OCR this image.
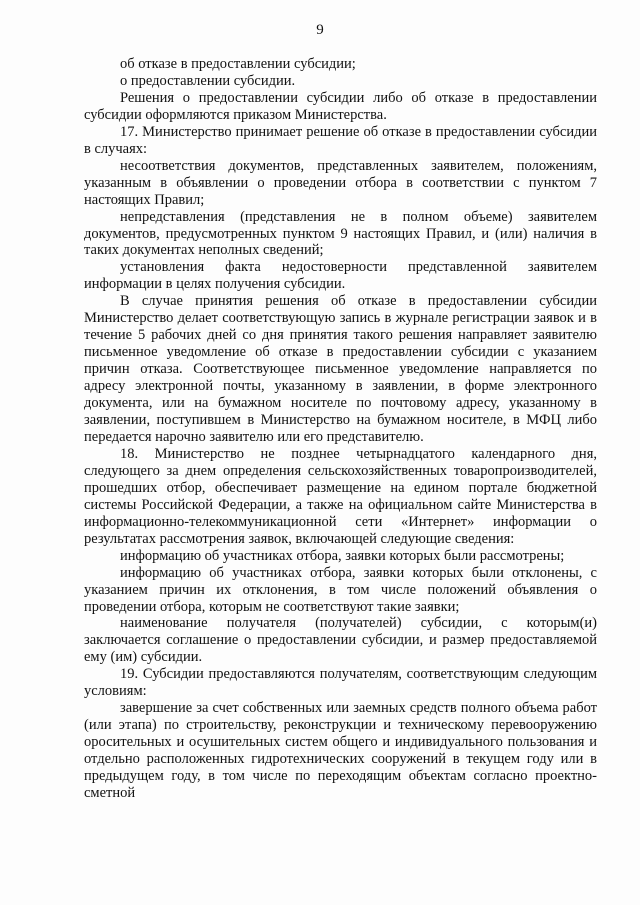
9

об отказе в предоставлении субсидии;

о предоставлении субсидии.

Решения о предоставлении субсидии либо об отказе в предоставлении субсидии оформляются приказом Министерства.

17. Министерство принимает решение об отказе в предоставлении субсидии в случаях:

несоответствия документов, представленных заявителем, положениям, указанным в объявлении о проведении отбора в соответствии с пунктом 7 настоящих Правил;

непредставления (представления не в полном объеме) заявителем документов, предусмотренных пунктом 9 настоящих Правил, и (или) наличия в таких документах неполных сведений;

установления факта недостоверности представленной заявителем информации в целях получения субсидии.

В случае принятия решения об отказе в предоставлении субсидии Министерство делает соответствующую запись в журнале регистрации заявок и в течение 5 рабочих дней со дня принятия такого решения направляет заявителю письменное уведомление об отказе в предоставлении субсидии с указанием причин отказа. Соответствующее письменное уведомление направляется по адресу электронной почты, указанному в заявлении, в форме электронного документа, или на бумажном носителе по почтовому адресу, указанному в заявлении, поступившем в Министерство на бумажном носителе, в МФЦ либо передается нарочно заявителю или его представителю.

18. Министерство не позднее четырнадцатого календарного дня, следующего за днем определения сельскохозяйственных товаропроизводителей, прошедших отбор, обеспечивает размещение на едином портале бюджетной системы Российской Федерации, а также на официальном сайте Министерства в информационно-телекоммуникационной сети «Интернет» информации о результатах рассмотрения заявок, включающей следующие сведения:

информацию об участниках отбора, заявки которых были рассмотрены;

информацию об участниках отбора, заявки которых были отклонены, с указанием причин их отклонения, в том числе положений объявления о проведении отбора, которым не соответствуют такие заявки;

наименование получателя (получателей) субсидии, с которым(и) заключается соглашение о предоставлении субсидии, и размер предоставляемой ему (им) субсидии.

19. Субсидии предоставляются получателям, соответствующим следующим условиям:

завершение за счет собственных или заемных средств полного объема работ (или этапа) по строительству, реконструкции и техническому перевооружению оросительных и осушительных систем общего и индивидуального пользования и отдельно расположенных гидротехнических сооружений в текущем году или в предыдущем году, в том числе по переходящим объектам согласно проектно-сметной
